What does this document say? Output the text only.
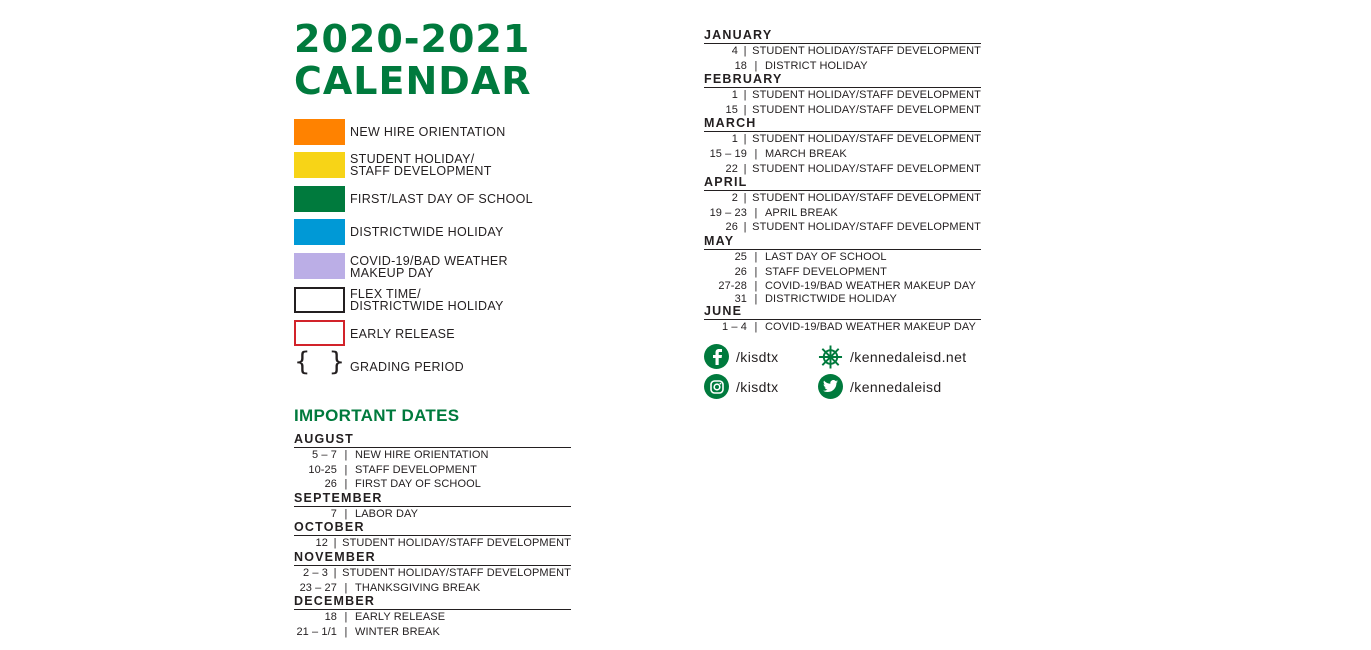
2020-2021
CALENDAR
NEW HIRE ORIENTATION
STUDENT HOLIDAY/
STAFF DEVELOPMENT
FIRST/LAST DAY OF SCHOOL
DISTRICTWIDE HOLIDAY
COVID-19/BAD WEATHER
MAKEUP DAY
FLEX TIME/
DISTRICTWIDE HOLIDAY
EARLY RELEASE
{ } GRADING PERIOD
IMPORTANT DATES
AUGUST
5 – 7 | NEW HIRE ORIENTATION
10-25 | STAFF DEVELOPMENT
26 | FIRST DAY OF SCHOOL
SEPTEMBER
7 | LABOR DAY
OCTOBER
12 | STUDENT HOLIDAY/STAFF DEVELOPMENT
NOVEMBER
2 – 3 | STUDENT HOLIDAY/STAFF DEVELOPMENT
23 – 27 | THANKSGIVING BREAK
DECEMBER
18 | EARLY RELEASE
21 – 1/1 | WINTER BREAK
JANUARY
4 | STUDENT HOLIDAY/STAFF DEVELOPMENT
18 | DISTRICT HOLIDAY
FEBRUARY
1 | STUDENT HOLIDAY/STAFF DEVELOPMENT
15 | STUDENT HOLIDAY/STAFF DEVELOPMENT
MARCH
1 | STUDENT HOLIDAY/STAFF DEVELOPMENT
15 – 19 | MARCH BREAK
22 | STUDENT HOLIDAY/STAFF DEVELOPMENT
APRIL
2 | STUDENT HOLIDAY/STAFF DEVELOPMENT
19 – 23 | APRIL BREAK
26 | STUDENT HOLIDAY/STAFF DEVELOPMENT
MAY
25 | LAST DAY OF SCHOOL
26 | STAFF DEVELOPMENT
27-28 | COVID-19/BAD WEATHER MAKEUP DAY
31 | DISTRICTWIDE HOLIDAY
JUNE
1 – 4 | COVID-19/BAD WEATHER MAKEUP DAY
/kisdtx	/kennedaleisd.net
/kisdtx	/kennedaleisd
